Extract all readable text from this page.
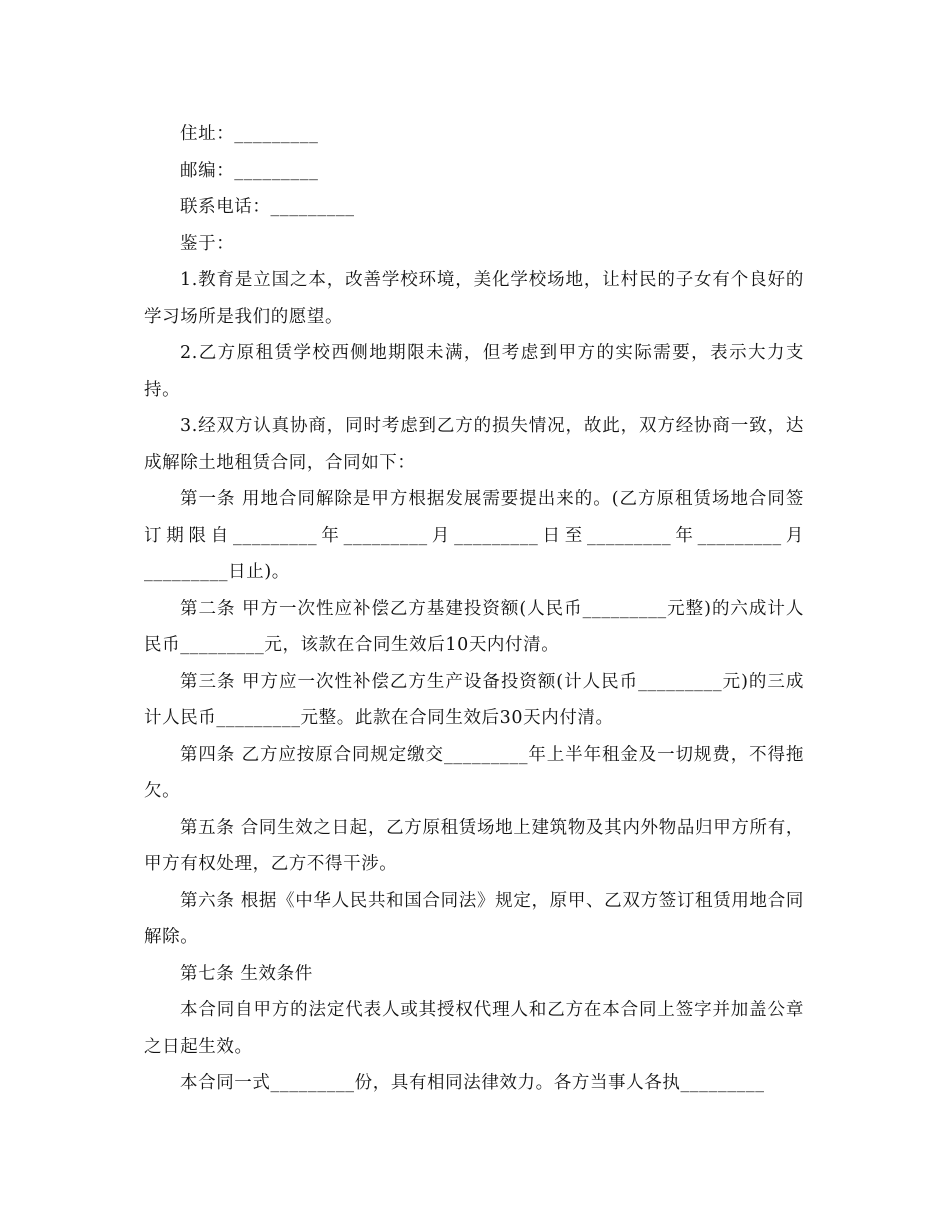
住址：_________

邮编：_________

联系电话：_________

鉴于：

1.教育是立国之本，改善学校环境，美化学校场地，让村民的子女有个良好的学习场所是我们的愿望。

2.乙方原租赁学校西侧地期限未满，但考虑到甲方的实际需要，表示大力支持。

3.经双方认真协商，同时考虑到乙方的损失情况，故此，双方经协商一致，达成解除土地租赁合同，合同如下：

第一条 用地合同解除是甲方根据发展需要提出来的。(乙方原租赁场地合同签订期限自_________年_________月_________日至_________年_________月_________日止)。

第二条 甲方一次性应补偿乙方基建投资额(人民币_________元整)的六成计人民币_________元，该款在合同生效后10天内付清。

第三条 甲方应一次性补偿乙方生产设备投资额(计人民币_________元)的三成计人民币_________元整。此款在合同生效后30天内付清。

第四条 乙方应按原合同规定缴交_________年上半年租金及一切规费，不得拖欠。

第五条 合同生效之日起，乙方原租赁场地上建筑物及其内外物品归甲方所有，甲方有权处理，乙方不得干涉。

第六条 根据《中华人民共和国合同法》规定，原甲、乙双方签订租赁用地合同解除。

第七条 生效条件

本合同自甲方的法定代表人或其授权代理人和乙方在本合同上签字并加盖公章之日起生效。

本合同一式_________份，具有相同法律效力。各方当事人各执_________
